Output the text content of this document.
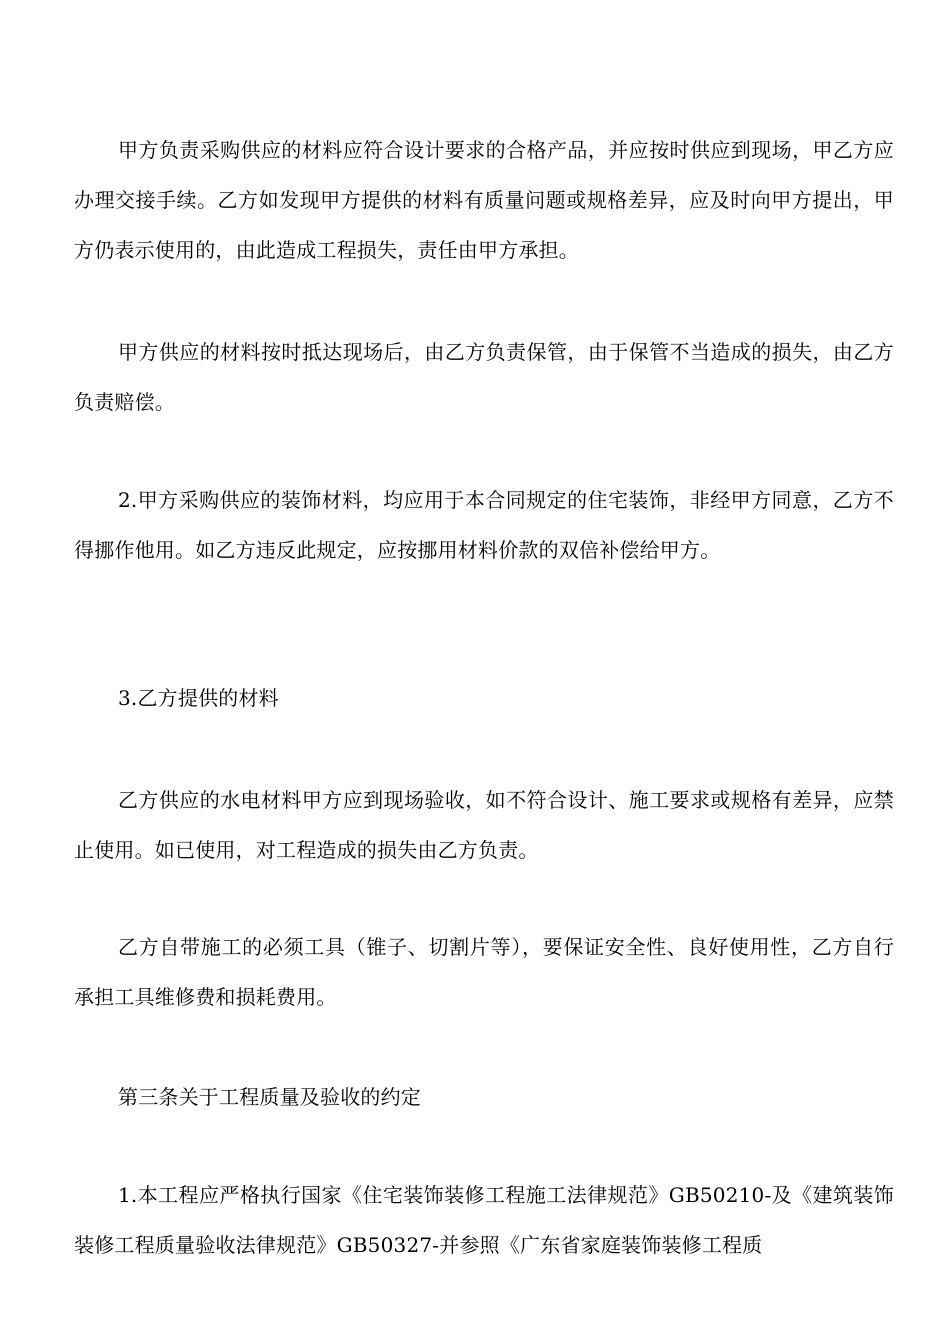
甲方负责采购供应的材料应符合设计要求的合格产品，并应按时供应到现场，甲乙方应办理交接手续。乙方如发现甲方提供的材料有质量问题或规格差异，应及时向甲方提出，甲方仍表示使用的，由此造成工程损失，责任由甲方承担。

甲方供应的材料按时抵达现场后，由乙方负责保管，由于保管不当造成的损失，由乙方负责赔偿。

2.甲方采购供应的装饰材料，均应用于本合同规定的住宅装饰，非经甲方同意，乙方不得挪作他用。如乙方违反此规定，应按挪用材料价款的双倍补偿给甲方。

3.乙方提供的材料

乙方供应的水电材料甲方应到现场验收，如不符合设计、施工要求或规格有差异，应禁止使用。如已使用，对工程造成的损失由乙方负责。

乙方自带施工的必须工具（锥子、切割片等），要保证安全性、良好使用性，乙方自行承担工具维修费和损耗费用。

第三条关于工程质量及验收的约定

1.本工程应严格执行国家《住宅装饰装修工程施工法律规范》GB50210-及《建筑装饰装修工程质量验收法律规范》GB50327-并参照《广东省家庭装饰装修工程质
